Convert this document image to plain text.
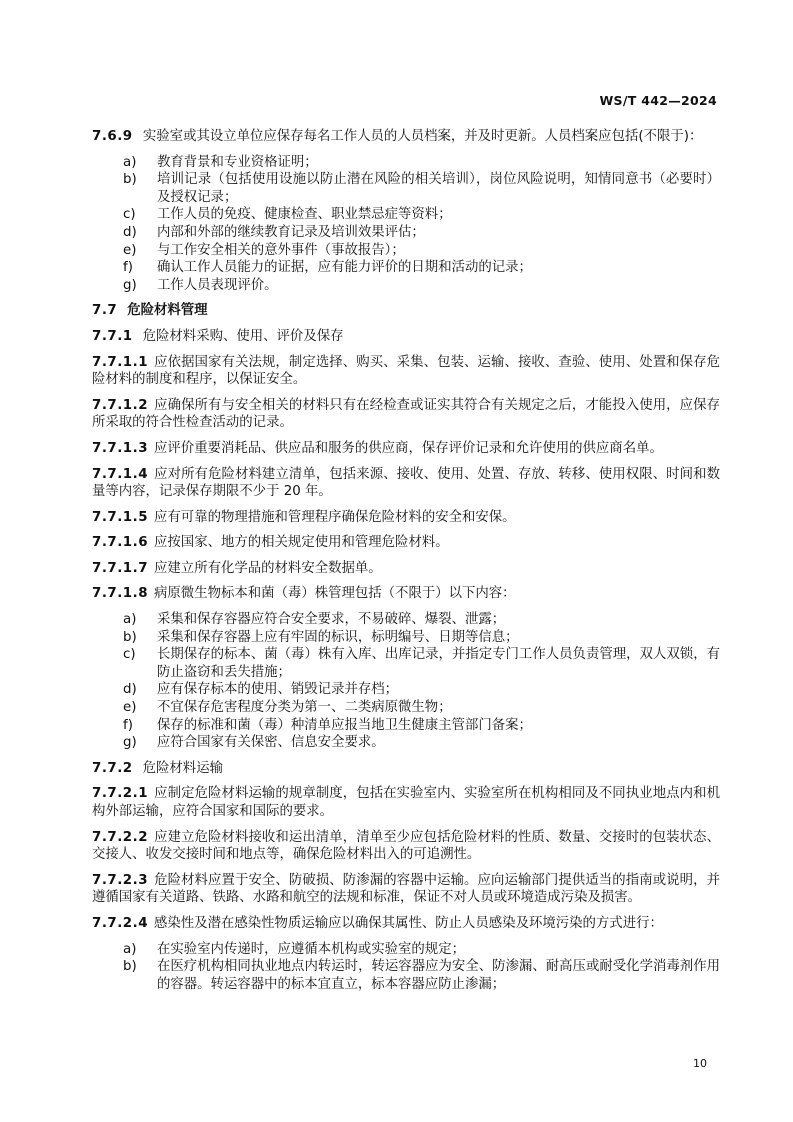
WS/T 442—2024

7.6.9 实验室或其设立单位应保存每名工作人员的人员档案，并及时更新。人员档案应包括(不限于)：

a)	教育背景和专业资格证明；
b)	培训记录（包括使用设施以防止潜在风险的相关培训），岗位风险说明，知情同意书（必要时）及授权记录；
c)	工作人员的免疫、健康检查、职业禁忌症等资料；
d)	内部和外部的继续教育记录及培训效果评估；
e)	与工作安全相关的意外事件（事故报告）；
f)	确认工作人员能力的证据，应有能力评价的日期和活动的记录；
g)	工作人员表现评价。
7.7 危险材料管理
7.7.1 危险材料采购、使用、评价及保存

7.7.1.1 应依据国家有关法规，制定选择、购买、采集、包装、运输、接收、查验、使用、处置和保存危险材料的制度和程序，以保证安全。

7.7.1.2 应确保所有与安全相关的材料只有在经检查或证实其符合有关规定之后，才能投入使用，应保存所采取的符合性检查活动的记录。

7.7.1.3 应评价重要消耗品、供应品和服务的供应商，保存评价记录和允许使用的供应商名单。

7.7.1.4 应对所有危险材料建立清单，包括来源、接收、使用、处置、存放、转移、使用权限、时间和数量等内容，记录保存期限不少于 20 年。

7.7.1.5 应有可靠的物理措施和管理程序确保危险材料的安全和安保。

7.7.1.6 应按国家、地方的相关规定使用和管理危险材料。

7.7.1.7 应建立所有化学品的材料安全数据单。

7.7.1.8 病原微生物标本和菌（毒）株管理包括（不限于）以下内容：

a)	采集和保存容器应符合安全要求，不易破碎、爆裂、泄露；
b)	采集和保存容器上应有牢固的标识，标明编号、日期等信息；
c)	长期保存的标本、菌（毒）株有入库、出库记录，并指定专门工作人员负责管理，双人双锁，有防止盗窃和丢失措施；
d)	应有保存标本的使用、销毁记录并存档；
e)	不宜保存危害程度分类为第一、二类病原微生物；
f)	保存的标准和菌（毒）种清单应报当地卫生健康主管部门备案；
g)	应符合国家有关保密、信息安全要求。
7.7.2 危险材料运输

7.7.2.1 应制定危险材料运输的规章制度，包括在实验室内、实验室所在机构相同及不同执业地点内和机构外部运输，应符合国家和国际的要求。

7.7.2.2 应建立危险材料接收和运出清单，清单至少应包括危险材料的性质、数量、交接时的包装状态、交接人、收发交接时间和地点等，确保危险材料出入的可追溯性。

7.7.2.3 危险材料应置于安全、防破损、防渗漏的容器中运输。应向运输部门提供适当的指南或说明，并遵循国家有关道路、铁路、水路和航空的法规和标准，保证不对人员或环境造成污染及损害。

7.7.2.4 感染性及潜在感染性物质运输应以确保其属性、防止人员感染及环境污染的方式进行：

a)	在实验室内传递时，应遵循本机构或实验室的规定；
b)	在医疗机构相同执业地点内转运时，转运容器应为安全、防渗漏、耐高压或耐受化学消毒剂作用的容器。转运容器中的标本宜直立，标本容器应防止渗漏；
10
